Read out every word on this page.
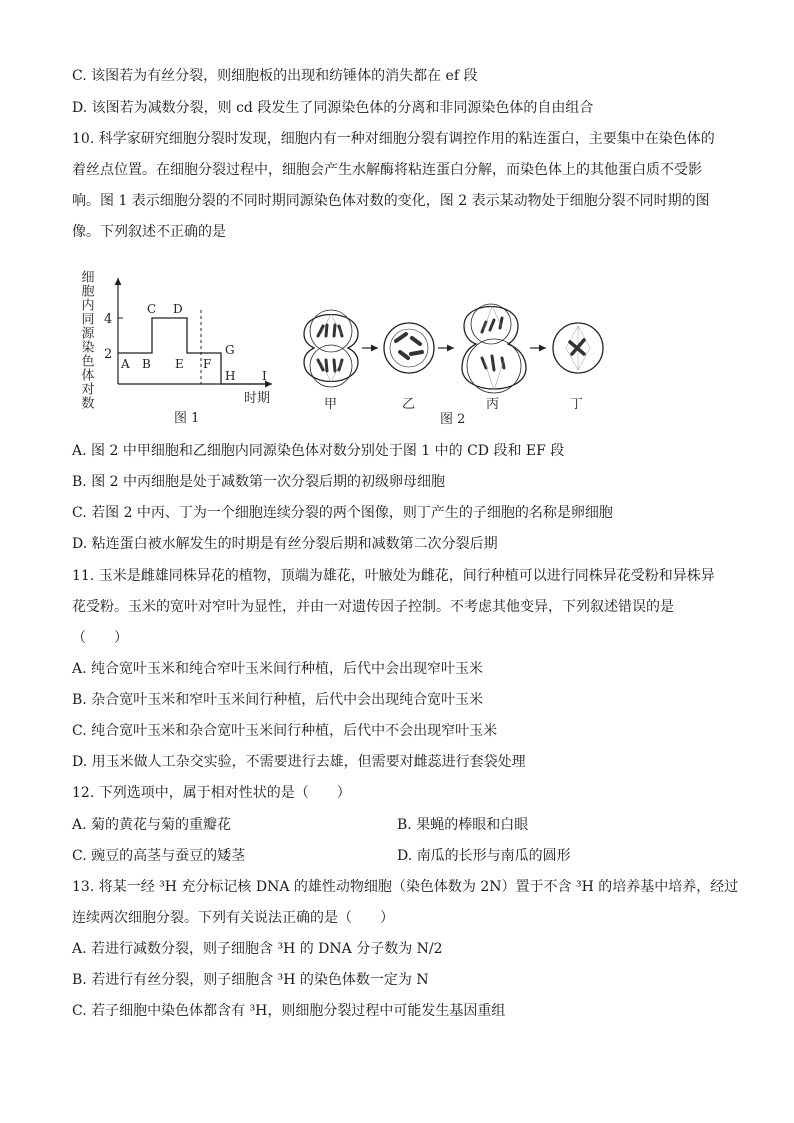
C. 该图若为有丝分裂，则细胞板的出现和纺锤体的消失都在 ef 段
D. 该图若为减数分裂，则 cd 段发生了同源染色体的分离和非同源染色体的自由组合
10. 科学家研究细胞分裂时发现，细胞内有一种对细胞分裂有调控作用的粘连蛋白，主要集中在染色体的
着丝点位置。在细胞分裂过程中，细胞会产生水解酶将粘连蛋白分解，而染色体上的其他蛋白质不受影
响。图 1 表示细胞分裂的不同时期同源染色体对数的变化，图 2 表示某动物处于细胞分裂不同时期的图
像。下列叙述不正确的是
细胞内同源染色体对数
4
2
A B
C D
E F
G
H I
时期
图 1
甲	乙	丙	丁
图 2
A. 图 2 中甲细胞和乙细胞内同源染色体对数分别处于图 1 中的 CD 段和 EF 段
B. 图 2 中丙细胞是处于减数第一次分裂后期的初级卵母细胞
C. 若图 2 中丙、丁为一个细胞连续分裂的两个图像，则丁产生的子细胞的名称是卵细胞
D. 粘连蛋白被水解发生的时期是有丝分裂后期和减数第二次分裂后期
11. 玉米是雌雄同株异花的植物，顶端为雄花，叶腋处为雌花，间行种植可以进行同株异花受粉和异株异
花受粉。玉米的宽叶对窄叶为显性，并由一对遗传因子控制。不考虑其他变异，下列叙述错误的是
（　　）
A. 纯合宽叶玉米和纯合窄叶玉米间行种植，后代中会出现窄叶玉米
B. 杂合宽叶玉米和窄叶玉米间行种植，后代中会出现纯合宽叶玉米
C. 纯合宽叶玉米和杂合宽叶玉米间行种植，后代中不会出现窄叶玉米
D. 用玉米做人工杂交实验，不需要进行去雄，但需要对雌蕊进行套袋处理
12. 下列选项中，属于相对性状的是（　　）
A. 菊的黄花与菊的重瓣花	B. 果蝇的棒眼和白眼
C. 豌豆的高茎与蚕豆的矮茎	D. 南瓜的长形与南瓜的圆形
13. 将某一经 ³H 充分标记核 DNA 的雄性动物细胞（染色体数为 2N）置于不含 ³H 的培养基中培养，经过
连续两次细胞分裂。下列有关说法正确的是（　　）
A. 若进行减数分裂，则子细胞含 ³H 的 DNA 分子数为 N/2
B. 若进行有丝分裂，则子细胞含 ³H 的染色体数一定为 N
C. 若子细胞中染色体都含有 ³H，则细胞分裂过程中可能发生基因重组
